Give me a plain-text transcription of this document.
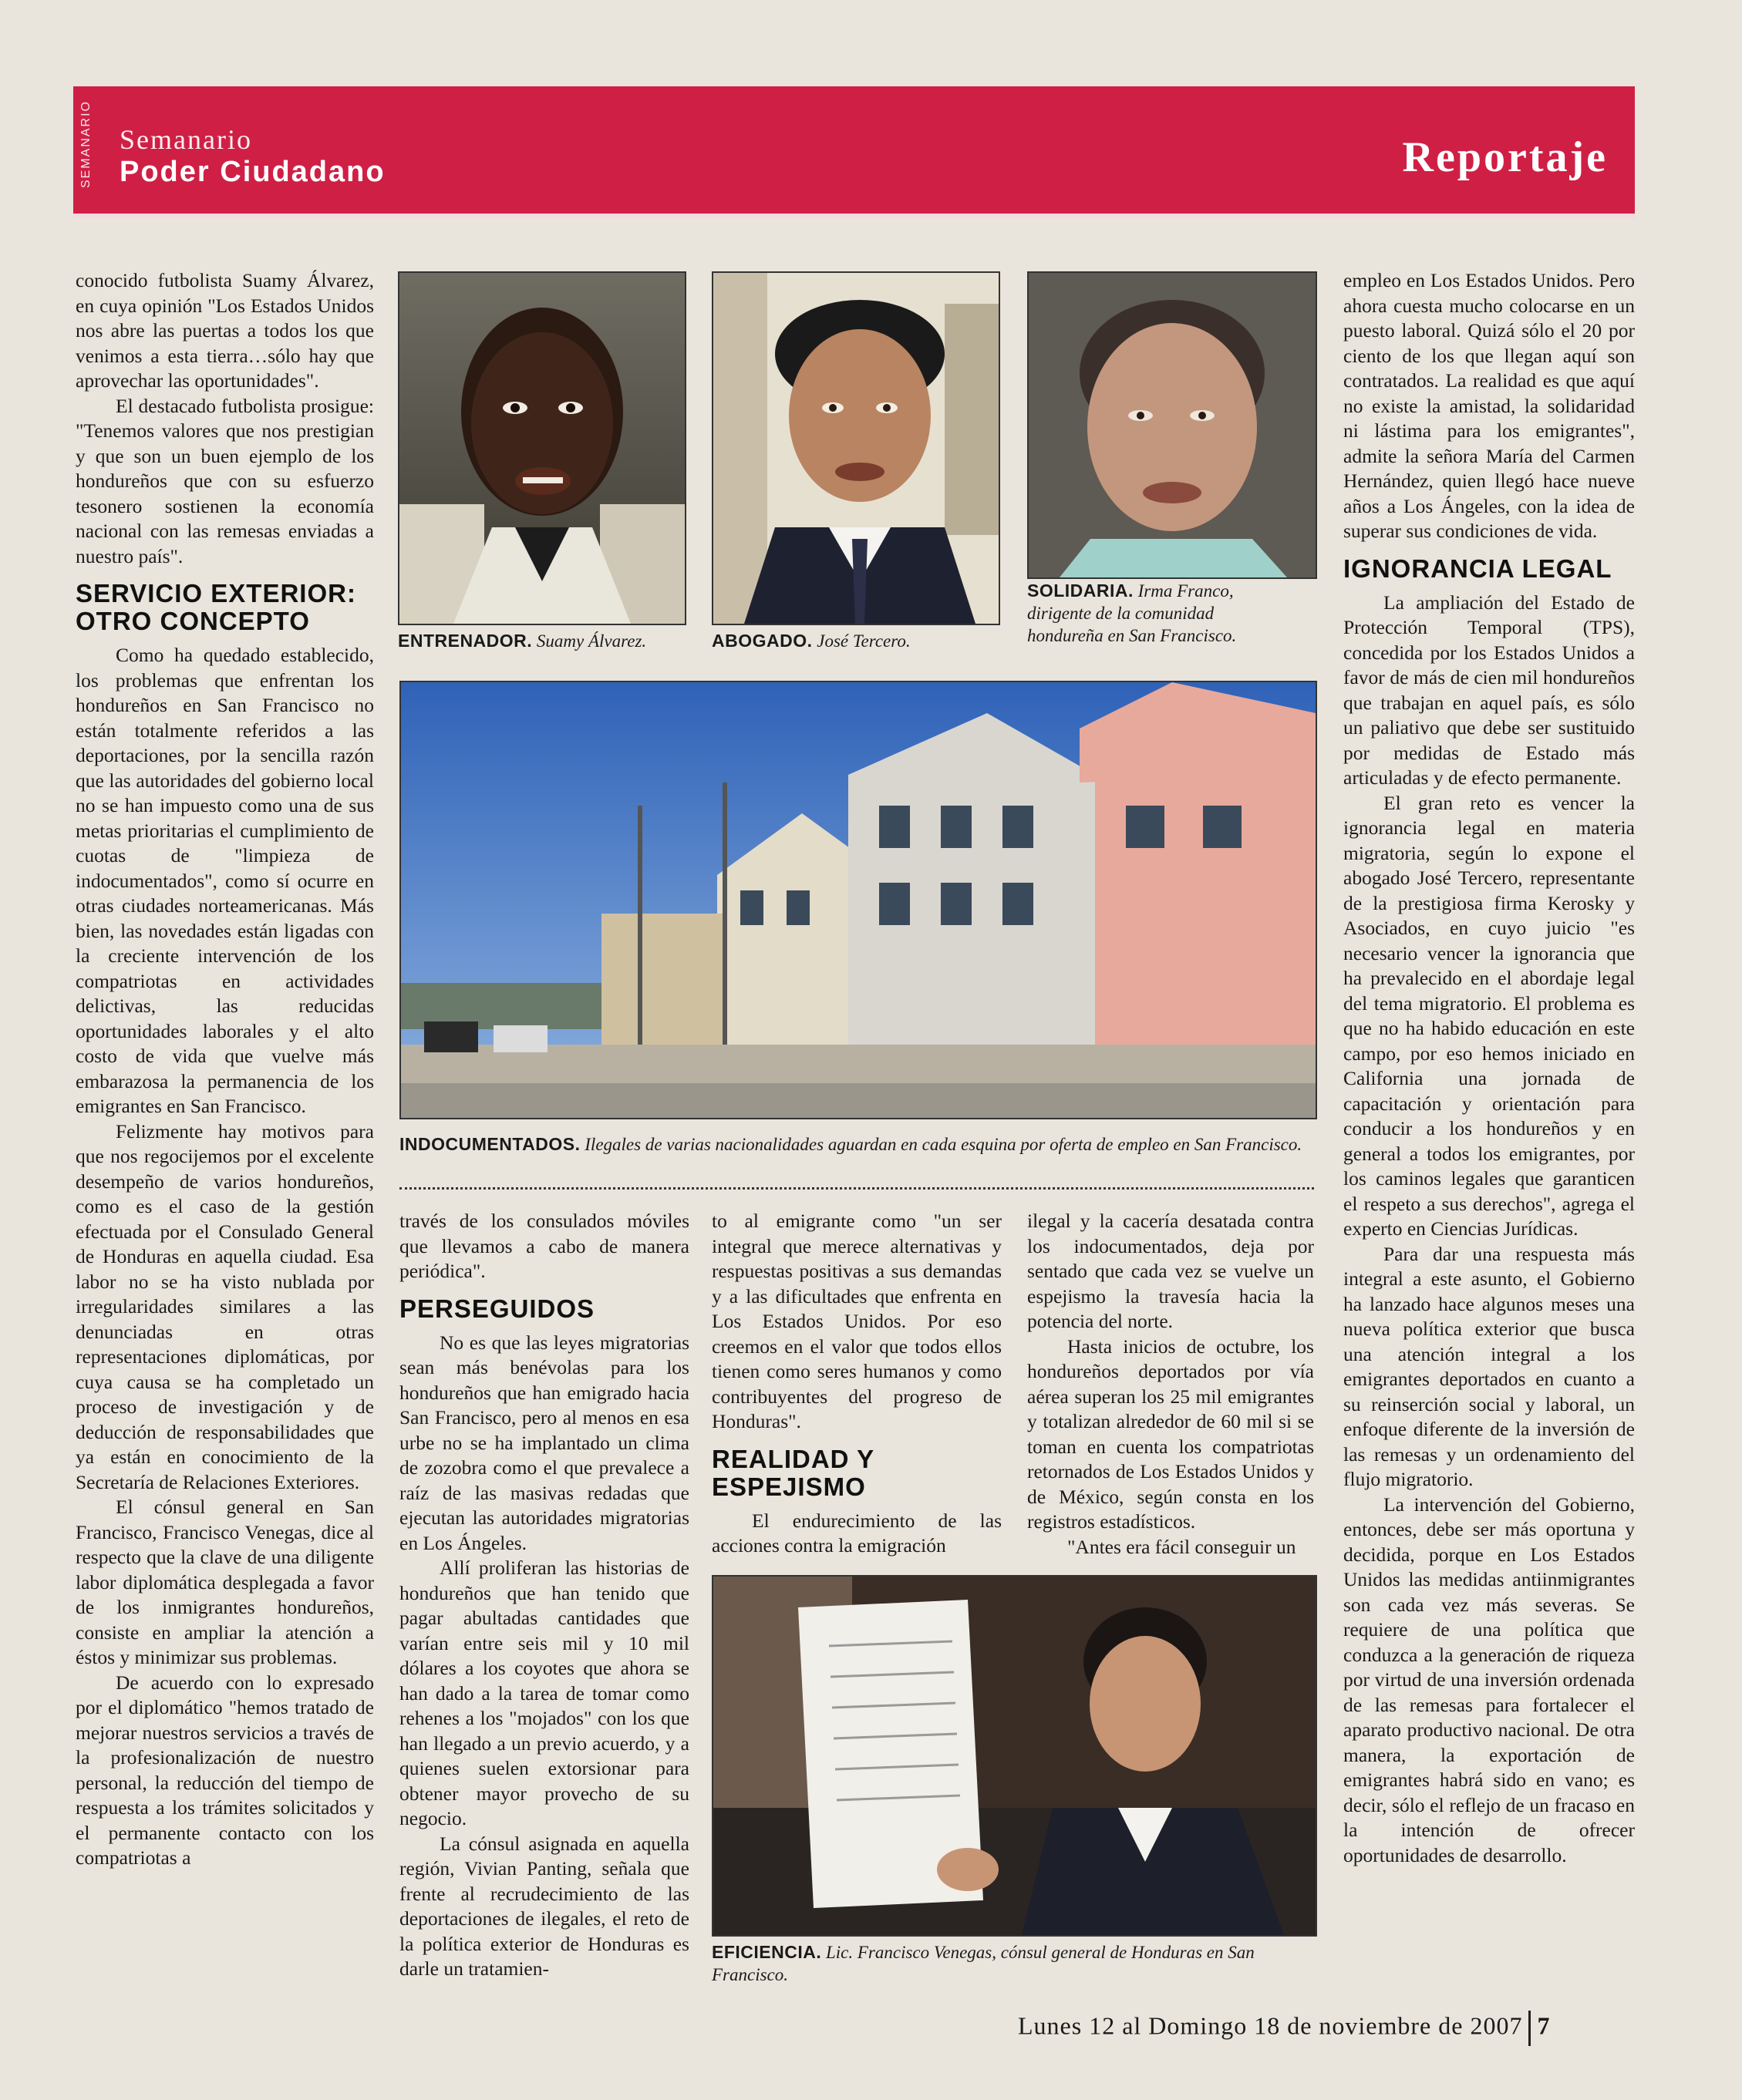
SEMANARIO Semanario
Poder Ciudadano	Reportaje

conocido futbolista Suamy Álvarez, en cuya opinión "Los Estados Unidos nos abre las puertas a todos los que venimos a esta tierra…sólo hay que aprovechar las oportunidades".

El destacado futbolista prosigue: "Tenemos valores que nos prestigian y que son un buen ejemplo de los hondureños que con su esfuerzo tesonero sostienen la economía nacional con las remesas enviadas a nuestro país".

SERVICIO EXTERIOR: OTRO CONCEPTO

Como ha quedado establecido, los problemas que enfrentan los hondureños en San Francisco no están totalmente referidos a las deportaciones, por la sencilla razón que las autoridades del gobierno local no se han impuesto como una de sus metas prioritarias el cumplimiento de cuotas de "limpieza de indocumentados", como sí ocurre en otras ciudades norteamericanas. Más bien, las novedades están ligadas con la creciente intervención de los compatriotas en actividades delictivas, las reducidas oportunidades laborales y el alto costo de vida que vuelve más embarazosa la permanencia de los emigrantes en San Francisco.

Felizmente hay motivos para que nos regocijemos por el excelente desempeño de varios hondureños, como es el caso de la gestión efectuada por el Consulado General de Honduras en aquella ciudad. Esa labor no se ha visto nublada por irregularidades similares a las denunciadas en otras representaciones diplomáticas, por cuya causa se ha completado un proceso de investigación y de deducción de responsabilidades que ya están en conocimiento de la Secretaría de Relaciones Exteriores.

El cónsul general en San Francisco, Francisco Venegas, dice al respecto que la clave de una diligente labor diplomática desplegada a favor de los inmigrantes hondureños, consiste en ampliar la atención a éstos y minimizar sus problemas.

De acuerdo con lo expresado por el diplomático "hemos tratado de mejorar nuestros servicios a través de la profesionalización de nuestro personal, la reducción del tiempo de respuesta a los trámites solicitados y el permanente contacto con los compatriotas a

ENTRENADOR. Suamy Álvarez.	ABOGADO. José Tercero.
SOLIDARIA. Irma Franco, dirigente de la comunidad hondureña en San Francisco.
INDOCUMENTADOS. Ilegales de varias nacionalidades aguardan en cada esquina por oferta de empleo en San Francisco.

través de los consulados móviles que llevamos a cabo de manera periódica".

PERSEGUIDOS

No es que las leyes migratorias sean más benévolas para los hondureños que han emigrado hacia San Francisco, pero al menos en esa urbe no se ha implantado un clima de zozobra como el que prevalece a raíz de las masivas redadas que ejecutan las autoridades migratorias en Los Ángeles.

Allí proliferan las historias de hondureños que han tenido que pagar abultadas cantidades que varían entre seis mil y 10 mil dólares a los coyotes que ahora se han dado a la tarea de tomar como rehenes a los "mojados" con los que han llegado a un previo acuerdo, y a quienes suelen extorsionar para obtener mayor provecho de su negocio.

La cónsul asignada en aquella región, Vivian Panting, señala que frente al recrudecimiento de las deportaciones de ilegales, el reto de la política exterior de Honduras es darle un tratamien-

to al emigrante como "un ser integral que merece alternativas y respuestas positivas a sus demandas y a las dificultades que enfrenta en Los Estados Unidos. Por eso creemos en el valor que todos ellos tienen como seres humanos y como contribuyentes del progreso de Honduras".

REALIDAD Y ESPEJISMO

El endurecimiento de las acciones contra la emigración

ilegal y la cacería desatada contra los indocumentados, deja por sentado que cada vez se vuelve un espejismo la travesía hacia la potencia del norte.

Hasta inicios de octubre, los hondureños deportados por vía aérea superan los 25 mil emigrantes y totalizan alrededor de 60 mil si se toman en cuenta los compatriotas retornados de Los Estados Unidos y de México, según consta en los registros estadísticos.

"Antes era fácil conseguir un

EFICIENCIA. Lic. Francisco Venegas, cónsul general de Honduras en San Francisco.

empleo en Los Estados Unidos. Pero ahora cuesta mucho colocarse en un puesto laboral. Quizá sólo el 20 por ciento de los que llegan aquí son contratados. La realidad es que aquí no existe la amistad, la solidaridad ni lástima para los emigrantes", admite la señora María del Carmen Hernández, quien llegó hace nueve años a Los Ángeles, con la idea de superar sus condiciones de vida.

IGNORANCIA LEGAL

La ampliación del Estado de Protección Temporal (TPS), concedida por los Estados Unidos a favor de más de cien mil hondureños que trabajan en aquel país, es sólo un paliativo que debe ser sustituido por medidas de Estado más articuladas y de efecto permanente.

El gran reto es vencer la ignorancia legal en materia migratoria, según lo expone el abogado José Tercero, representante de la prestigiosa firma Kerosky y Asociados, en cuyo juicio "es necesario vencer la ignorancia que ha prevalecido en el abordaje legal del tema migratorio. El problema es que no ha habido educación en este campo, por eso hemos iniciado en California una jornada de capacitación y orientación para conducir a los hondureños y en general a todos los emigrantes, por los caminos legales que garanticen el respeto a sus derechos", agrega el experto en Ciencias Jurídicas.

Para dar una respuesta más integral a este asunto, el Gobierno ha lanzado hace algunos meses una nueva política exterior que busca una atención integral a los emigrantes deportados en cuanto a su reinserción social y laboral, un enfoque diferente de la inversión de las remesas y un ordenamiento del flujo migratorio.

La intervención del Gobierno, entonces, debe ser más oportuna y decidida, porque en Los Estados Unidos las medidas antiinmigrantes son cada vez más severas. Se requiere de una política que conduzca a la generación de riqueza por virtud de una inversión ordenada de las remesas para fortalecer el aparato productivo nacional. De otra manera, la exportación de emigrantes habrá sido en vano; es decir, sólo el reflejo de un fracaso en la intención de ofrecer oportunidades de desarrollo.

Lunes 12 al Domingo 18 de noviembre de 2007 7
